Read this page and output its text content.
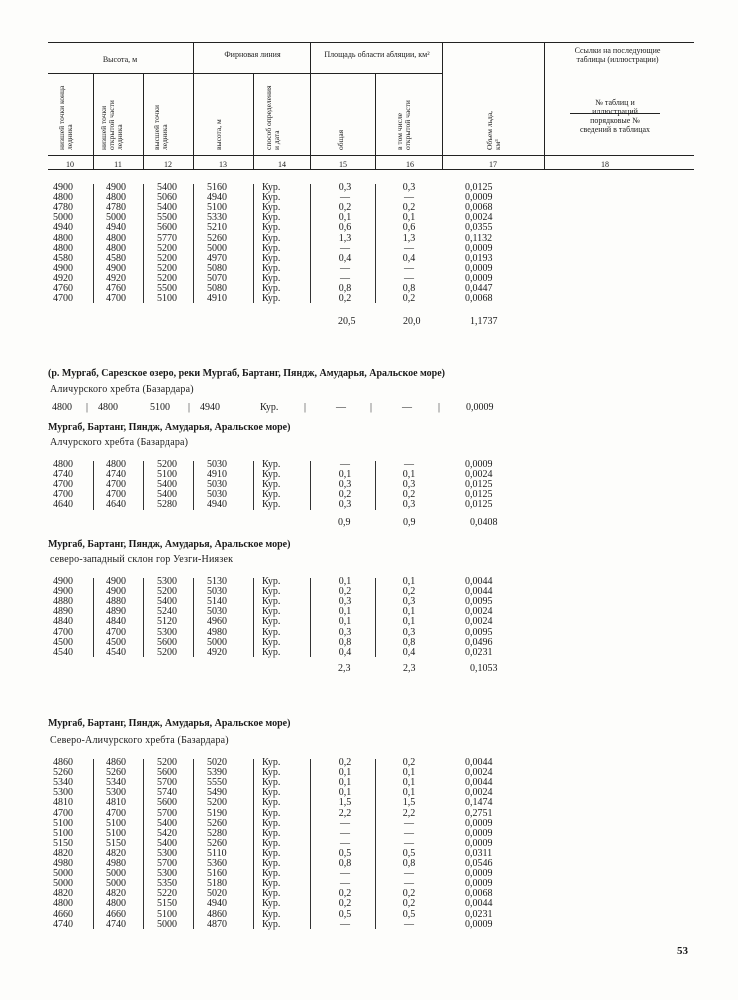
Высота, м
Фирновая линия	Площадь области абляции, км²	Ссылки на последующие таблицы (иллюстрации)
низшей точки конца ледника	низшей точки открытой части ледника	высшей точки ледника	высота, м	способ определения и дата	общая	в том числе открытой части	Объем льда, км³
№ таблиц и иллюстраций
порядковые № сведений в таблицах
10	11	12	13	14	15	16	17	18
20,5	20,0	1,1737
4900	4900	5400	5160	Кур.	0,3	0,3	0,0125
4800	4800	5060	4940	Кур.	—	—	0,0009
4780	4780	5400	5100	Кур.	0,2	0,2	0,0068
5000	5000	5500	5330	Кур.	0,1	0,1	0,0024
4940	4940	5600	5210	Кур.	0,6	0,6	0,0355
4800	4800	5770	5260	Кур.	1,3	1,3	0,1132
4800	4800	5200	5000	Кур.	—	—	0,0009
4580	4580	5200	4970	Кур.	0,4	0,4	0,0193
4900	4900	5200	5080	Кур.	—	—	0,0009
4920	4920	5200	5070	Кур.	—	—	0,0009
4760	4760	5500	5080	Кур.	0,8	0,8	0,0447
4700	4700	5100	4910	Кур.	0,2	0,2	0,0068
(р. Мургаб, Сарезское озеро, реки Мургаб, Бартанг, Пяндж, Амударья, Аральское море)
Аличурского хребта (Базардара)
4800 | 4800	5100 | 4940	Кур.	|	— |	—	|	0,0009
Мургаб, Бартанг, Пяндж, Амударья, Аральское море)
Алчурского хребта (Базардара)
0,9	0,9	0,0408
4800	4800	5200	5030	Кур.	—	—	0,0009
4740	4740	5100	4910	Кур.	0,1	0,1	0,0024
4700	4700	5400	5030	Кур.	0,3	0,3	0,0125
4700	4700	5400	5030	Кур.	0,2	0,2	0,0125
4640	4640	5280	4940	Кур.	0,3	0,3	0,0125
Мургаб, Бартанг, Пяндж, Амударья, Аральское море)
северо-западный склон гор Уезги-Ниязек
2,3	2,3	0,1053
4900	4900	5300	5130	Кур.	0,1	0,1	0,0044
4900	4900	5200	5030	Кур.	0,2	0,2	0,0044
4880	4880	5400	5140	Кур.	0,3	0,3	0,0095
4890	4890	5240	5030	Кур.	0,1	0,1	0,0024
4840	4840	5120	4960	Кур.	0,1	0,1	0,0024
4700	4700	5300	4980	Кур.	0,3	0,3	0,0095
4500	4500	5600	5000	Кур.	0,8	0,8	0,0496
4540	4540	5200	4920	Кур.	0,4	0,4	0,0231
Мургаб, Бартанг, Пяндж, Амударья, Аральское море)
Северо-Аличурского хребта (Базардара)
4860	4860	5200	5020	Кур.	0,2	0,2	0,0044
5260	5260	5600	5390	Кур.	0,1	0,1	0,0024
5340	5340	5700	5550	Кур.	0,1	0,1	0,0044
5300	5300	5740	5490	Кур.	0,1	0,1	0,0024
4810	4810	5600	5200	Кур.	1,5	1,5	0,1474
4700	4700	5700	5190	Кур.	2,2	2,2	0,2751
5100	5100	5400	5260	Кур.	—	—	0,0009
5100	5100	5420	5280	Кур.	—	—	0,0009
5150	5150	5400	5260	Кур.	—	—	0,0009
4820	4820	5300	5110	Кур.	0,5	0,5	0,0311
4980	4980	5700	5360	Кур.	0,8	0,8	0,0546
5000	5000	5300	5160	Кур.	—	—	0,0009
5000	5000	5350	5180	Кур.	—	—	0,0009
4820	4820	5220	5020	Кур.	0,2	0,2	0,0068
4800	4800	5150	4940	Кур.	0,2	0,2	0,0044
4660	4660	5100	4860	Кур.	0,5	0,5	0,0231
4740	4740	5000	4870	Кур.	—	—	0,0009
53
